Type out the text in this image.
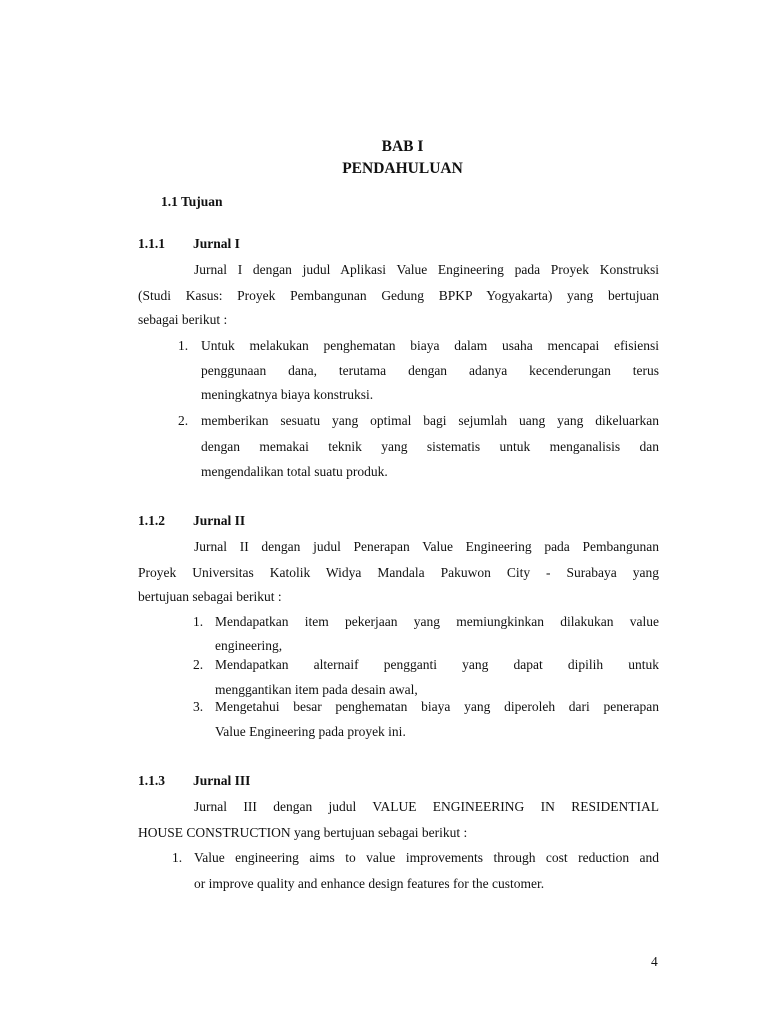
BAB I
PENDAHULUAN
1.1 Tujuan
1.1.1 Jurnal I
Jurnal I dengan judul Aplikasi Value Engineering pada Proyek Konstruksi
(Studi Kasus: Proyek Pembangunan Gedung BPKP Yogyakarta) yang bertujuan
sebagai berikut :
1. Untuk melakukan penghematan biaya dalam usaha mencapai efisiensi
penggunaan dana, terutama dengan adanya kecenderungan terus
meningkatnya biaya konstruksi.
2. memberikan sesuatu yang optimal bagi sejumlah uang yang dikeluarkan
dengan memakai teknik yang sistematis untuk menganalisis dan
mengendalikan total suatu produk.
1.1.2 Jurnal II
Jurnal II dengan judul Penerapan Value Engineering pada Pembangunan
Proyek Universitas Katolik Widya Mandala Pakuwon City - Surabaya yang
bertujuan sebagai berikut :
1. Mendapatkan item pekerjaan yang memiungkinkan dilakukan value
engineering,
2. Mendapatkan alternaif pengganti yang dapat dipilih untuk
menggantikan item pada desain awal,
3. Mengetahui besar penghematan biaya yang diperoleh dari penerapan
Value Engineering pada proyek ini.
1.1.3 Jurnal III
Jurnal III dengan judul VALUE ENGINEERING IN RESIDENTIAL
HOUSE CONSTRUCTION yang bertujuan sebagai berikut :
1. Value engineering aims to value improvements through cost reduction and
or improve quality and enhance design features for the customer.
4
